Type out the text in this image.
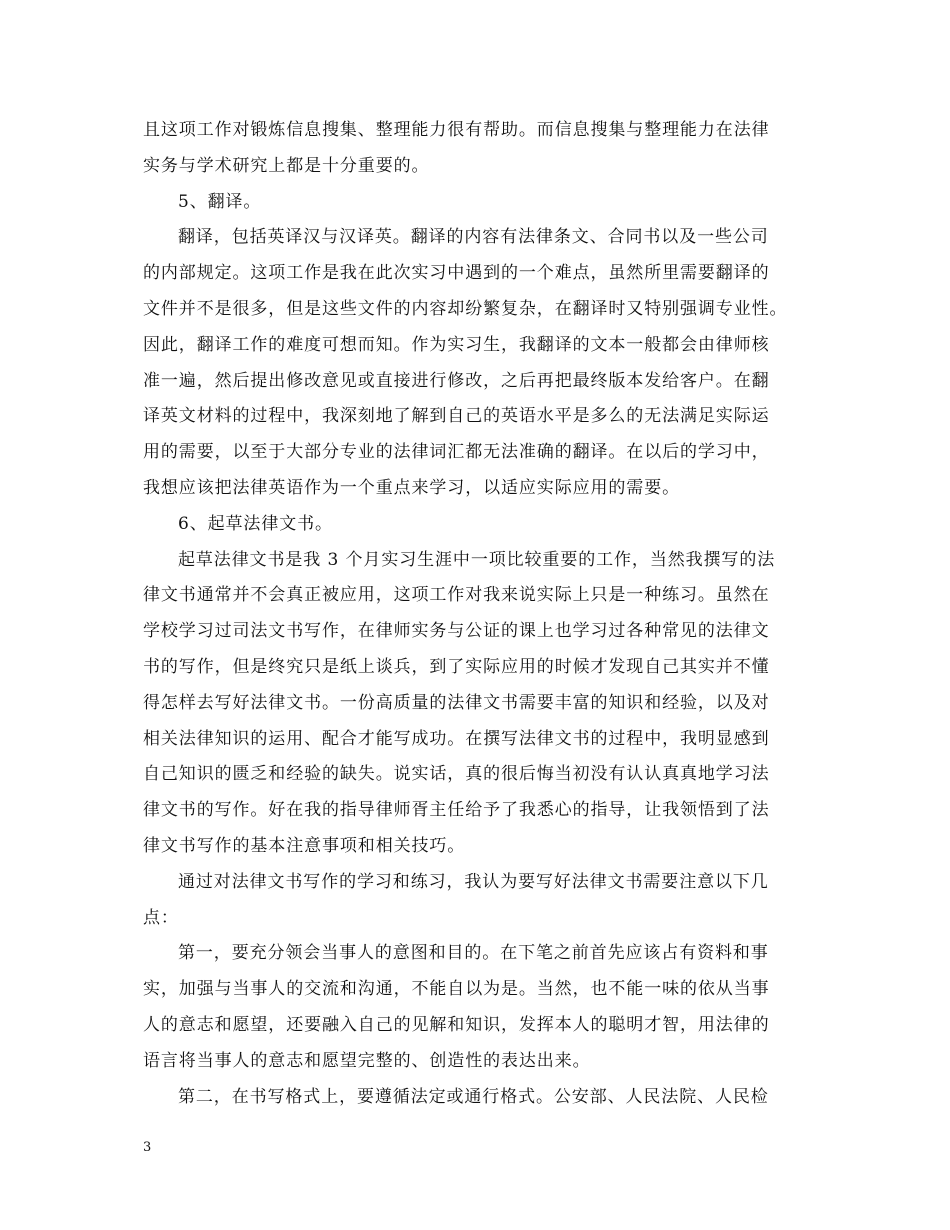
且这项工作对锻炼信息搜集、整理能力很有帮助。而信息搜集与整理能力在法律
实务与学术研究上都是十分重要的。
5、翻译。
翻译，包括英译汉与汉译英。翻译的内容有法律条文、合同书以及一些公司
的内部规定。这项工作是我在此次实习中遇到的一个难点，虽然所里需要翻译的
文件并不是很多，但是这些文件的内容却纷繁复杂，在翻译时又特别强调专业性。
因此，翻译工作的难度可想而知。作为实习生，我翻译的文本一般都会由律师核
准一遍，然后提出修改意见或直接进行修改，之后再把最终版本发给客户。在翻
译英文材料的过程中，我深刻地了解到自己的英语水平是多么的无法满足实际运
用的需要，以至于大部分专业的法律词汇都无法准确的翻译。在以后的学习中，
我想应该把法律英语作为一个重点来学习，以适应实际应用的需要。
6、起草法律文书。
起草法律文书是我 3 个月实习生涯中一项比较重要的工作，当然我撰写的法
律文书通常并不会真正被应用，这项工作对我来说实际上只是一种练习。虽然在
学校学习过司法文书写作，在律师实务与公证的课上也学习过各种常见的法律文
书的写作，但是终究只是纸上谈兵，到了实际应用的时候才发现自己其实并不懂
得怎样去写好法律文书。一份高质量的法律文书需要丰富的知识和经验，以及对
相关法律知识的运用、配合才能写成功。在撰写法律文书的过程中，我明显感到
自己知识的匮乏和经验的缺失。说实话，真的很后悔当初没有认认真真地学习法
律文书的写作。好在我的指导律师胥主任给予了我悉心的指导，让我领悟到了法
律文书写作的基本注意事项和相关技巧。
通过对法律文书写作的学习和练习，我认为要写好法律文书需要注意以下几
点：
第一，要充分领会当事人的意图和目的。在下笔之前首先应该占有资料和事
实，加强与当事人的交流和沟通，不能自以为是。当然，也不能一味的依从当事
人的意志和愿望，还要融入自己的见解和知识，发挥本人的聪明才智，用法律的
语言将当事人的意志和愿望完整的、创造性的表达出来。
第二，在书写格式上，要遵循法定或通行格式。公安部、人民法院、人民检
3
